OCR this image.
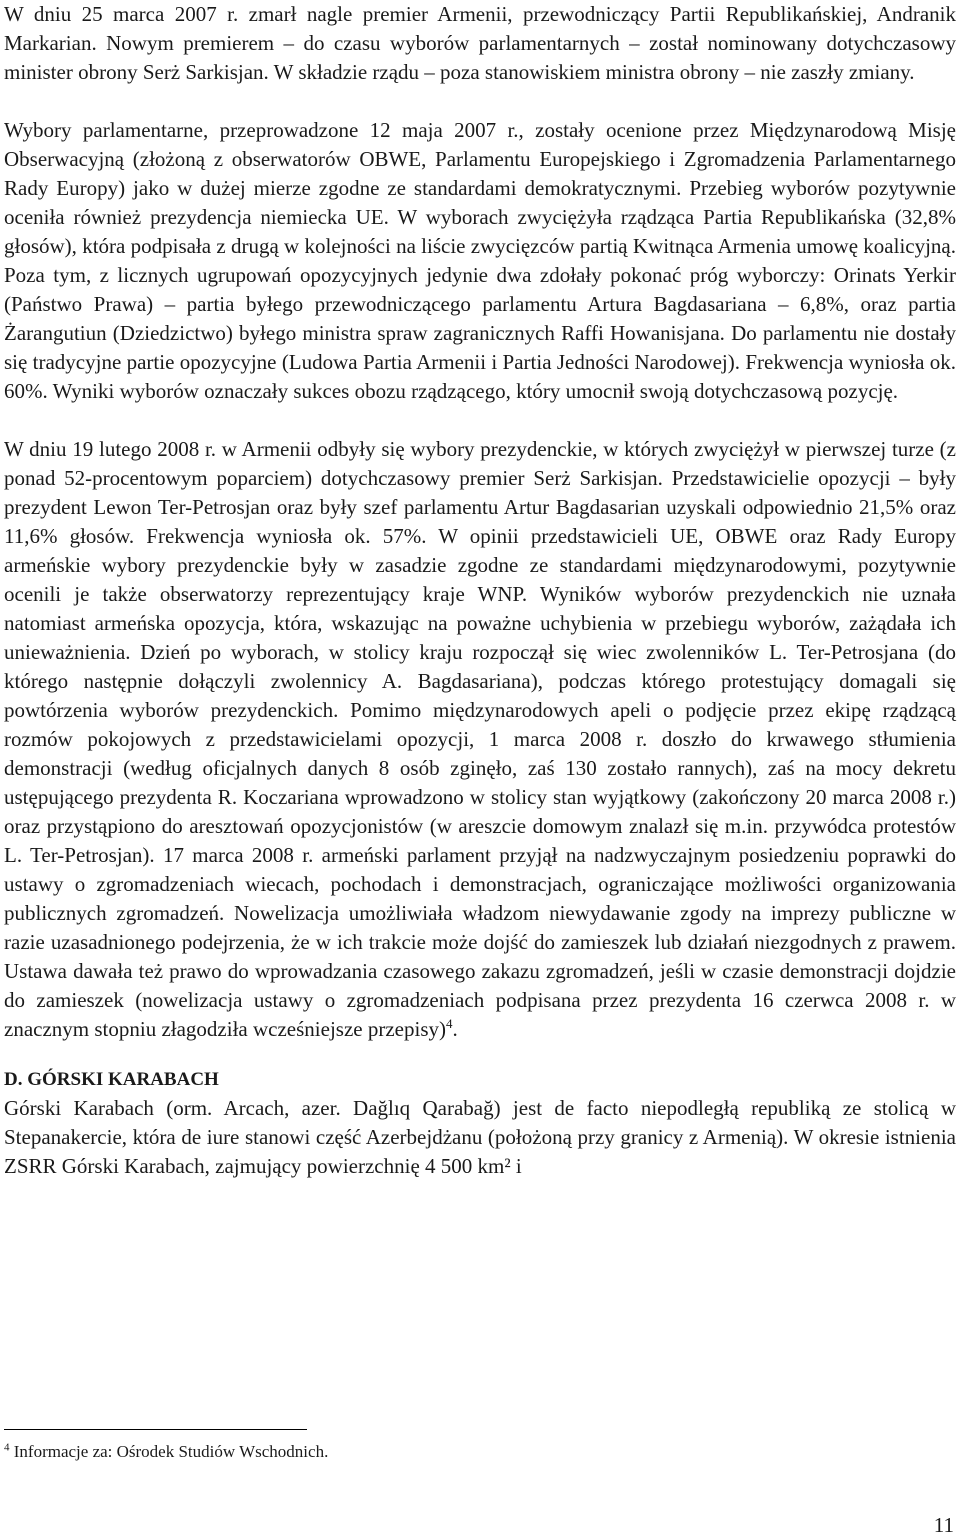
W dniu 25 marca 2007 r. zmarł nagle premier Armenii, przewodniczący Partii Republikańskiej, Andranik Markarian. Nowym premierem – do czasu wyborów parlamentarnych – został nominowany dotychczasowy minister obrony Serż Sarkisjan. W składzie rządu – poza stanowiskiem ministra obrony – nie zaszły zmiany.

Wybory parlamentarne, przeprowadzone 12 maja 2007 r., zostały ocenione przez Międzynarodową Misję Obserwacyjną (złożoną z obserwatorów OBWE, Parlamentu Europejskiego i Zgromadzenia Parlamentarnego Rady Europy) jako w dużej mierze zgodne ze standardami demokratycznymi. Przebieg wyborów pozytywnie oceniła również prezydencja niemiecka UE. W wyborach zwyciężyła rządząca Partia Republikańska (32,8% głosów), która podpisała z drugą w kolejności na liście zwycięzców partią Kwitnąca Armenia umowę koalicyjną. Poza tym, z licznych ugrupowań opozycyjnych jedynie dwa zdołały pokonać próg wyborczy: Orinats Yerkir (Państwo Prawa) – partia byłego przewodniczącego parlamentu Artura Bagdasariana – 6,8%, oraz partia Żarangutiun (Dziedzictwo) byłego ministra spraw zagranicznych Raffi Howanisjana. Do parlamentu nie dostały się tradycyjne partie opozycyjne (Ludowa Partia Armenii i Partia Jedności Narodowej). Frekwencja wyniosła ok. 60%. Wyniki wyborów oznaczały sukces obozu rządzącego, który umocnił swoją dotychczasową pozycję.

W dniu 19 lutego 2008 r. w Armenii odbyły się wybory prezydenckie, w których zwyciężył w pierwszej turze (z ponad 52-procentowym poparciem) dotychczasowy premier Serż Sarkisjan. Przedstawicielie opozycji – były prezydent Lewon Ter-Petrosjan oraz były szef parlamentu Artur Bagdasarian uzyskali odpowiednio 21,5% oraz 11,6% głosów. Frekwencja wyniosła ok. 57%. W opinii przedstawicieli UE, OBWE oraz Rady Europy armeńskie wybory prezydenckie były w zasadzie zgodne ze standardami międzynarodowymi, pozytywnie ocenili je także obserwatorzy reprezentujący kraje WNP. Wyników wyborów prezydenckich nie uznała natomiast armeńska opozycja, która, wskazując na poważne uchybienia w przebiegu wyborów, zażądała ich unieważnienia. Dzień po wyborach, w stolicy kraju rozpoczął się wiec zwolenników L. Ter-Petrosjana (do którego następnie dołączyli zwolennicy A. Bagdasariana), podczas którego protestujący domagali się powtórzenia wyborów prezydenckich. Pomimo międzynarodowych apeli o podjęcie przez ekipę rządzącą rozmów pokojowych z przedstawicielami opozycji, 1 marca 2008 r. doszło do krwawego stłumienia demonstracji (według oficjalnych danych 8 osób zginęło, zaś 130 zostało rannych), zaś na mocy dekretu ustępującego prezydenta R. Koczariana wprowadzono w stolicy stan wyjątkowy (zakończony 20 marca 2008 r.) oraz przystąpiono do aresztowań opozycjonistów (w areszcie domowym znalazł się m.in. przywódca protestów L. Ter-Petrosjan). 17 marca 2008 r. armeński parlament przyjął na nadzwyczajnym posiedzeniu poprawki do ustawy o zgromadzeniach wiecach, pochodach i demonstracjach, ograniczające możliwości organizowania publicznych zgromadzeń. Nowelizacja umożliwiała władzom niewydawanie zgody na imprezy publiczne w razie uzasadnionego podejrzenia, że w ich trakcie może dojść do zamieszek lub działań niezgodnych z prawem. Ustawa dawała też prawo do wprowadzania czasowego zakazu zgromadzeń, jeśli w czasie demonstracji dojdzie do zamieszek (nowelizacja ustawy o zgromadzeniach podpisana przez prezydenta 16 czerwca 2008 r. w znacznym stopniu złagodziła wcześniejsze przepisy)$^4$.

D. GÓRSKI KARABACH

Górski Karabach (orm. Arcach, azer. Dağlıq Qarabağ) jest de facto niepodległą republiką ze stolicą w Stepanakercie, która de iure stanowi część Azerbejdżanu (położoną przy granicy z Armenią). W okresie istnienia ZSRR Górski Karabach, zajmujący powierzchnię 4 500 km² i

$^4$ Informacje za: Ośrodek Studiów Wschodnich.
11
